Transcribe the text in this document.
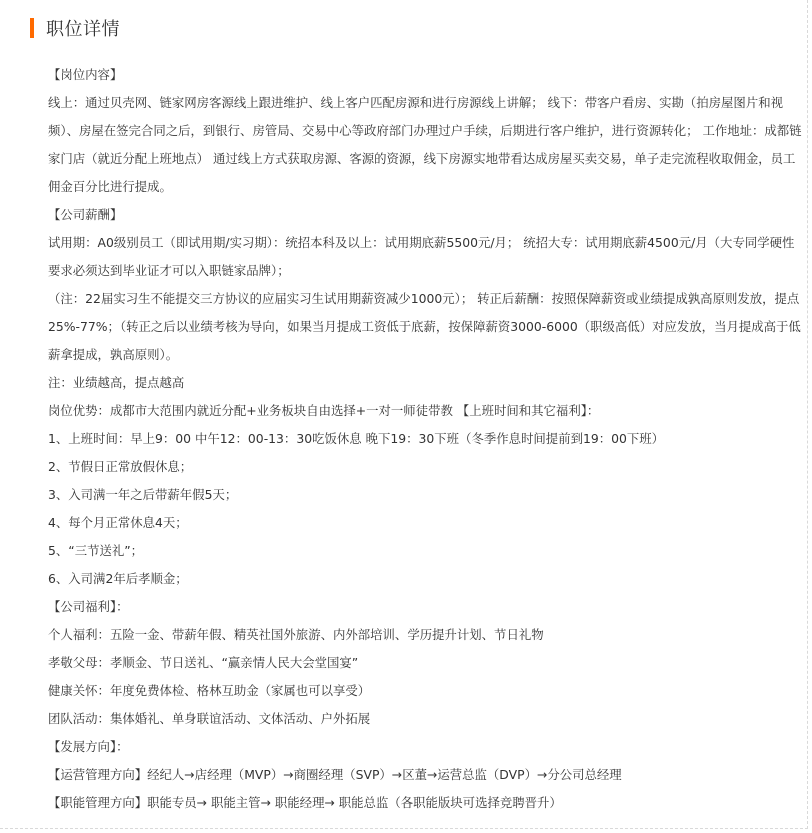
职位详情

【岗位内容】

线上：通过贝壳网、链家网房客源线上跟进维护、线上客户匹配房源和进行房源线上讲解； 线下：带客户看房、实勘（拍房屋图片和视频）、房屋在签完合同之后，到银行、房管局、交易中心等政府部门办理过户手续，后期进行客户维护，进行资源转化； 工作地址：成都链家门店（就近分配上班地点） 通过线上方式获取房源、客源的资源，线下房源实地带看达成房屋买卖交易，单子走完流程收取佣金，员工佣金百分比进行提成。

【公司薪酬】

试用期：A0级别员工（即试用期/实习期）：统招本科及以上：试用期底薪5500元/月； 统招大专：试用期底薪4500元/月（大专同学硬性要求必须达到毕业证才可以入职链家品牌）；

（注：22届实习生不能提交三方协议的应届实习生试用期薪资减少1000元）； 转正后薪酬：按照保障薪资或业绩提成孰高原则发放，提点25%-77%；（转正之后以业绩考核为导向，如果当月提成工资低于底薪，按保障薪资3000-6000（职级高低）对应发放，当月提成高于低薪拿提成，孰高原则）。

注：业绩越高，提点越高

岗位优势：成都市大范围内就近分配+业务板块自由选择+一对一师徒带教 【上班时间和其它福利】：

1、上班时间：早上9：00 中午12：00-13：30吃饭休息 晚下19：30下班（冬季作息时间提前到19：00下班）

2、节假日正常放假休息；

3、入司满一年之后带薪年假5天；

4、每个月正常休息4天；

5、“三节送礼”；

6、入司满2年后孝顺金；

【公司福利】：

个人福利：五险一金、带薪年假、精英社国外旅游、内外部培训、学历提升计划、节日礼物

孝敬父母：孝顺金、节日送礼、“赢亲情人民大会堂国宴”

健康关怀：年度免费体检、格林互助金（家属也可以享受）

团队活动：集体婚礼、单身联谊活动、文体活动、户外拓展

【发展方向】：

【运营管理方向】经纪人→店经理（MVP）→商圈经理（SVP）→区董→运营总监（DVP）→分公司总经理

【职能管理方向】职能专员→ 职能主管→ 职能经理→ 职能总监（各职能版块可选择竞聘晋升）
